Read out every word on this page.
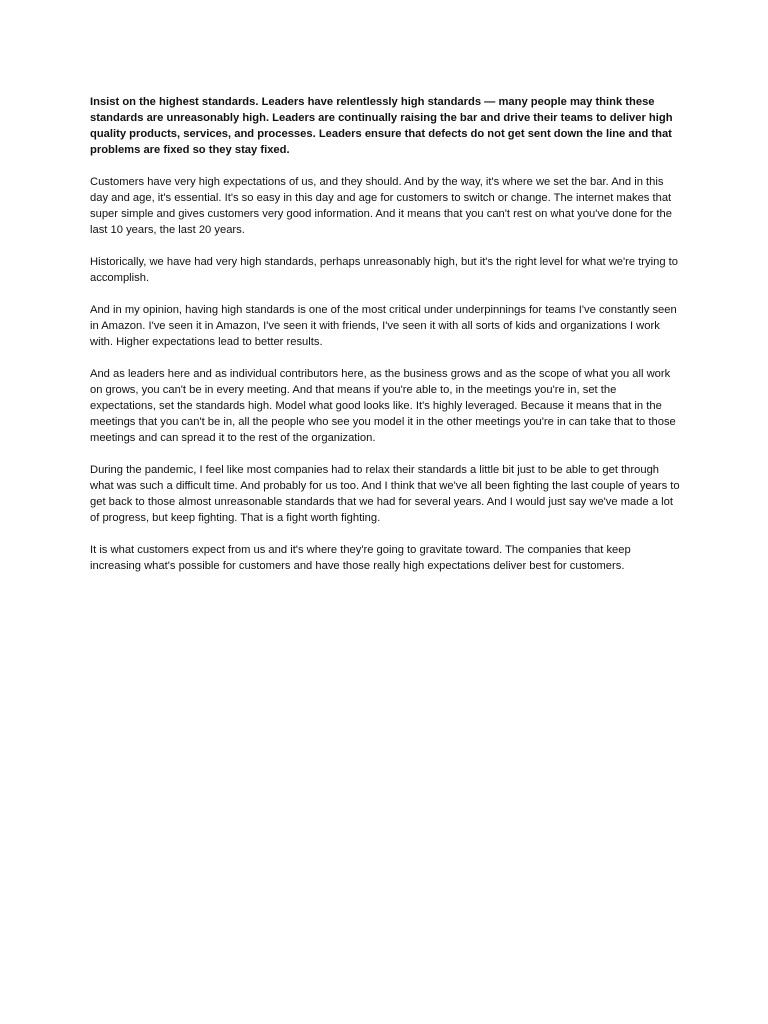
Insist on the highest standards. Leaders have relentlessly high standards — many people may think these standards are unreasonably high. Leaders are continually raising the bar and drive their teams to deliver high quality products, services, and processes. Leaders ensure that defects do not get sent down the line and that problems are fixed so they stay fixed.

Customers have very high expectations of us, and they should. And by the way, it's where we set the bar. And in this day and age, it's essential. It's so easy in this day and age for customers to switch or change. The internet makes that super simple and gives customers very good information. And it means that you can't rest on what you've done for the last 10 years, the last 20 years.

Historically, we have had very high standards, perhaps unreasonably high, but it's the right level for what we're trying to accomplish.

And in my opinion, having high standards is one of the most critical under underpinnings for teams I've constantly seen in Amazon. I've seen it in Amazon, I've seen it with friends, I've seen it with all sorts of kids and organizations I work with. Higher expectations lead to better results.

And as leaders here and as individual contributors here, as the business grows and as the scope of what you all work on grows, you can't be in every meeting. And that means if you're able to, in the meetings you're in, set the expectations, set the standards high. Model what good looks like. It's highly leveraged. Because it means that in the meetings that you can't be in, all the people who see you model it in the other meetings you're in can take that to those meetings and can spread it to the rest of the organization.

During the pandemic, I feel like most companies had to relax their standards a little bit just to be able to get through what was such a difficult time. And probably for us too. And I think that we've all been fighting the last couple of years to get back to those almost unreasonable standards that we had for several years. And I would just say we've made a lot of progress, but keep fighting. That is a fight worth fighting.

It is what customers expect from us and it's where they're going to gravitate toward. The companies that keep increasing what's possible for customers and have those really high expectations deliver best for customers.
